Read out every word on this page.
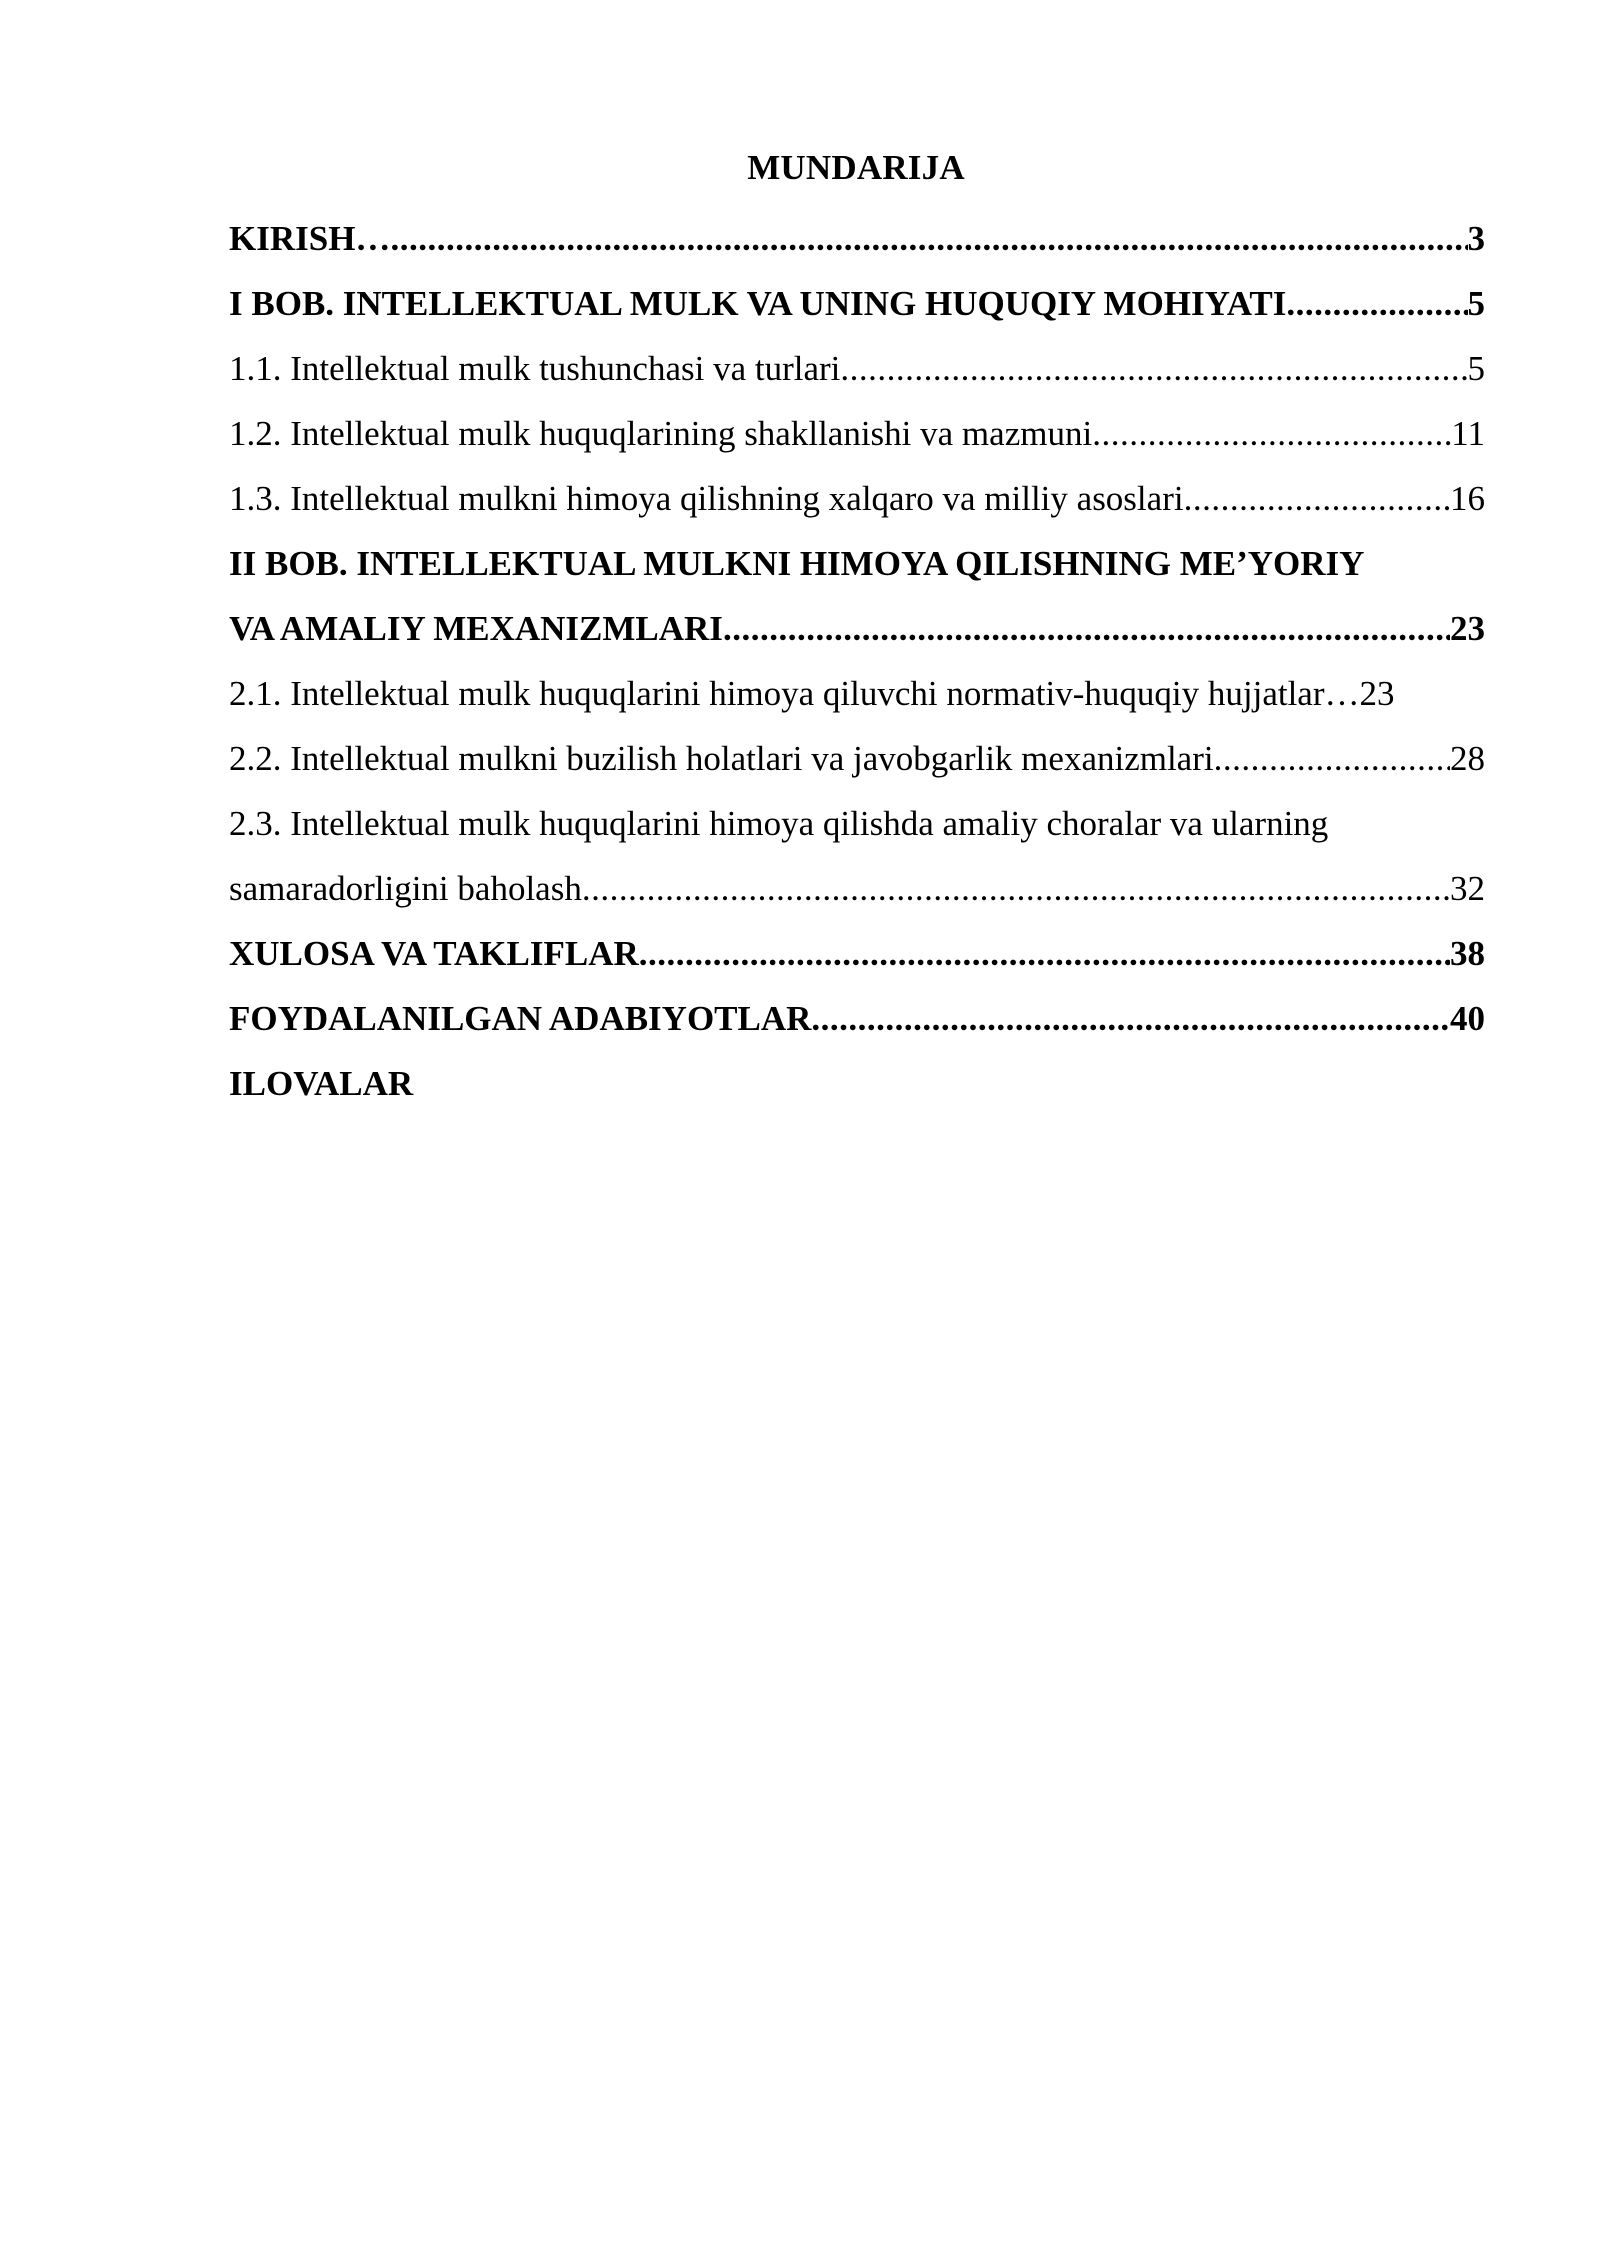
MUNDARIJA
KIRISH… .....	3
I BOB. INTELLEKTUAL MULK VA UNING HUQUQIY MOHIYATI .....	5
1.1. Intellektual mulk tushunchasi va turlari .....	5
1.2. Intellektual mulk huquqlarining shakllanishi va mazmuni .....	11
1.3. Intellektual mulkni himoya qilishning xalqaro va milliy asoslari .....	16
II BOB. INTELLEKTUAL MULKNI HIMOYA QILISHNING ME’YORIY
VA AMALIY MEXANIZMLARI .....	23
2.1. Intellektual mulk huquqlarini himoya qiluvchi normativ-huquqiy hujjatlar…23
2.2. Intellektual mulkni buzilish holatlari va javobgarlik mexanizmlari .....	28
2.3. Intellektual mulk huquqlarini himoya qilishda amaliy choralar va ularning
samaradorligini baholash .....	32
XULOSA VA TAKLIFLAR .....	38
FOYDALANILGAN ADABIYOTLAR .....	40
ILOVALAR
